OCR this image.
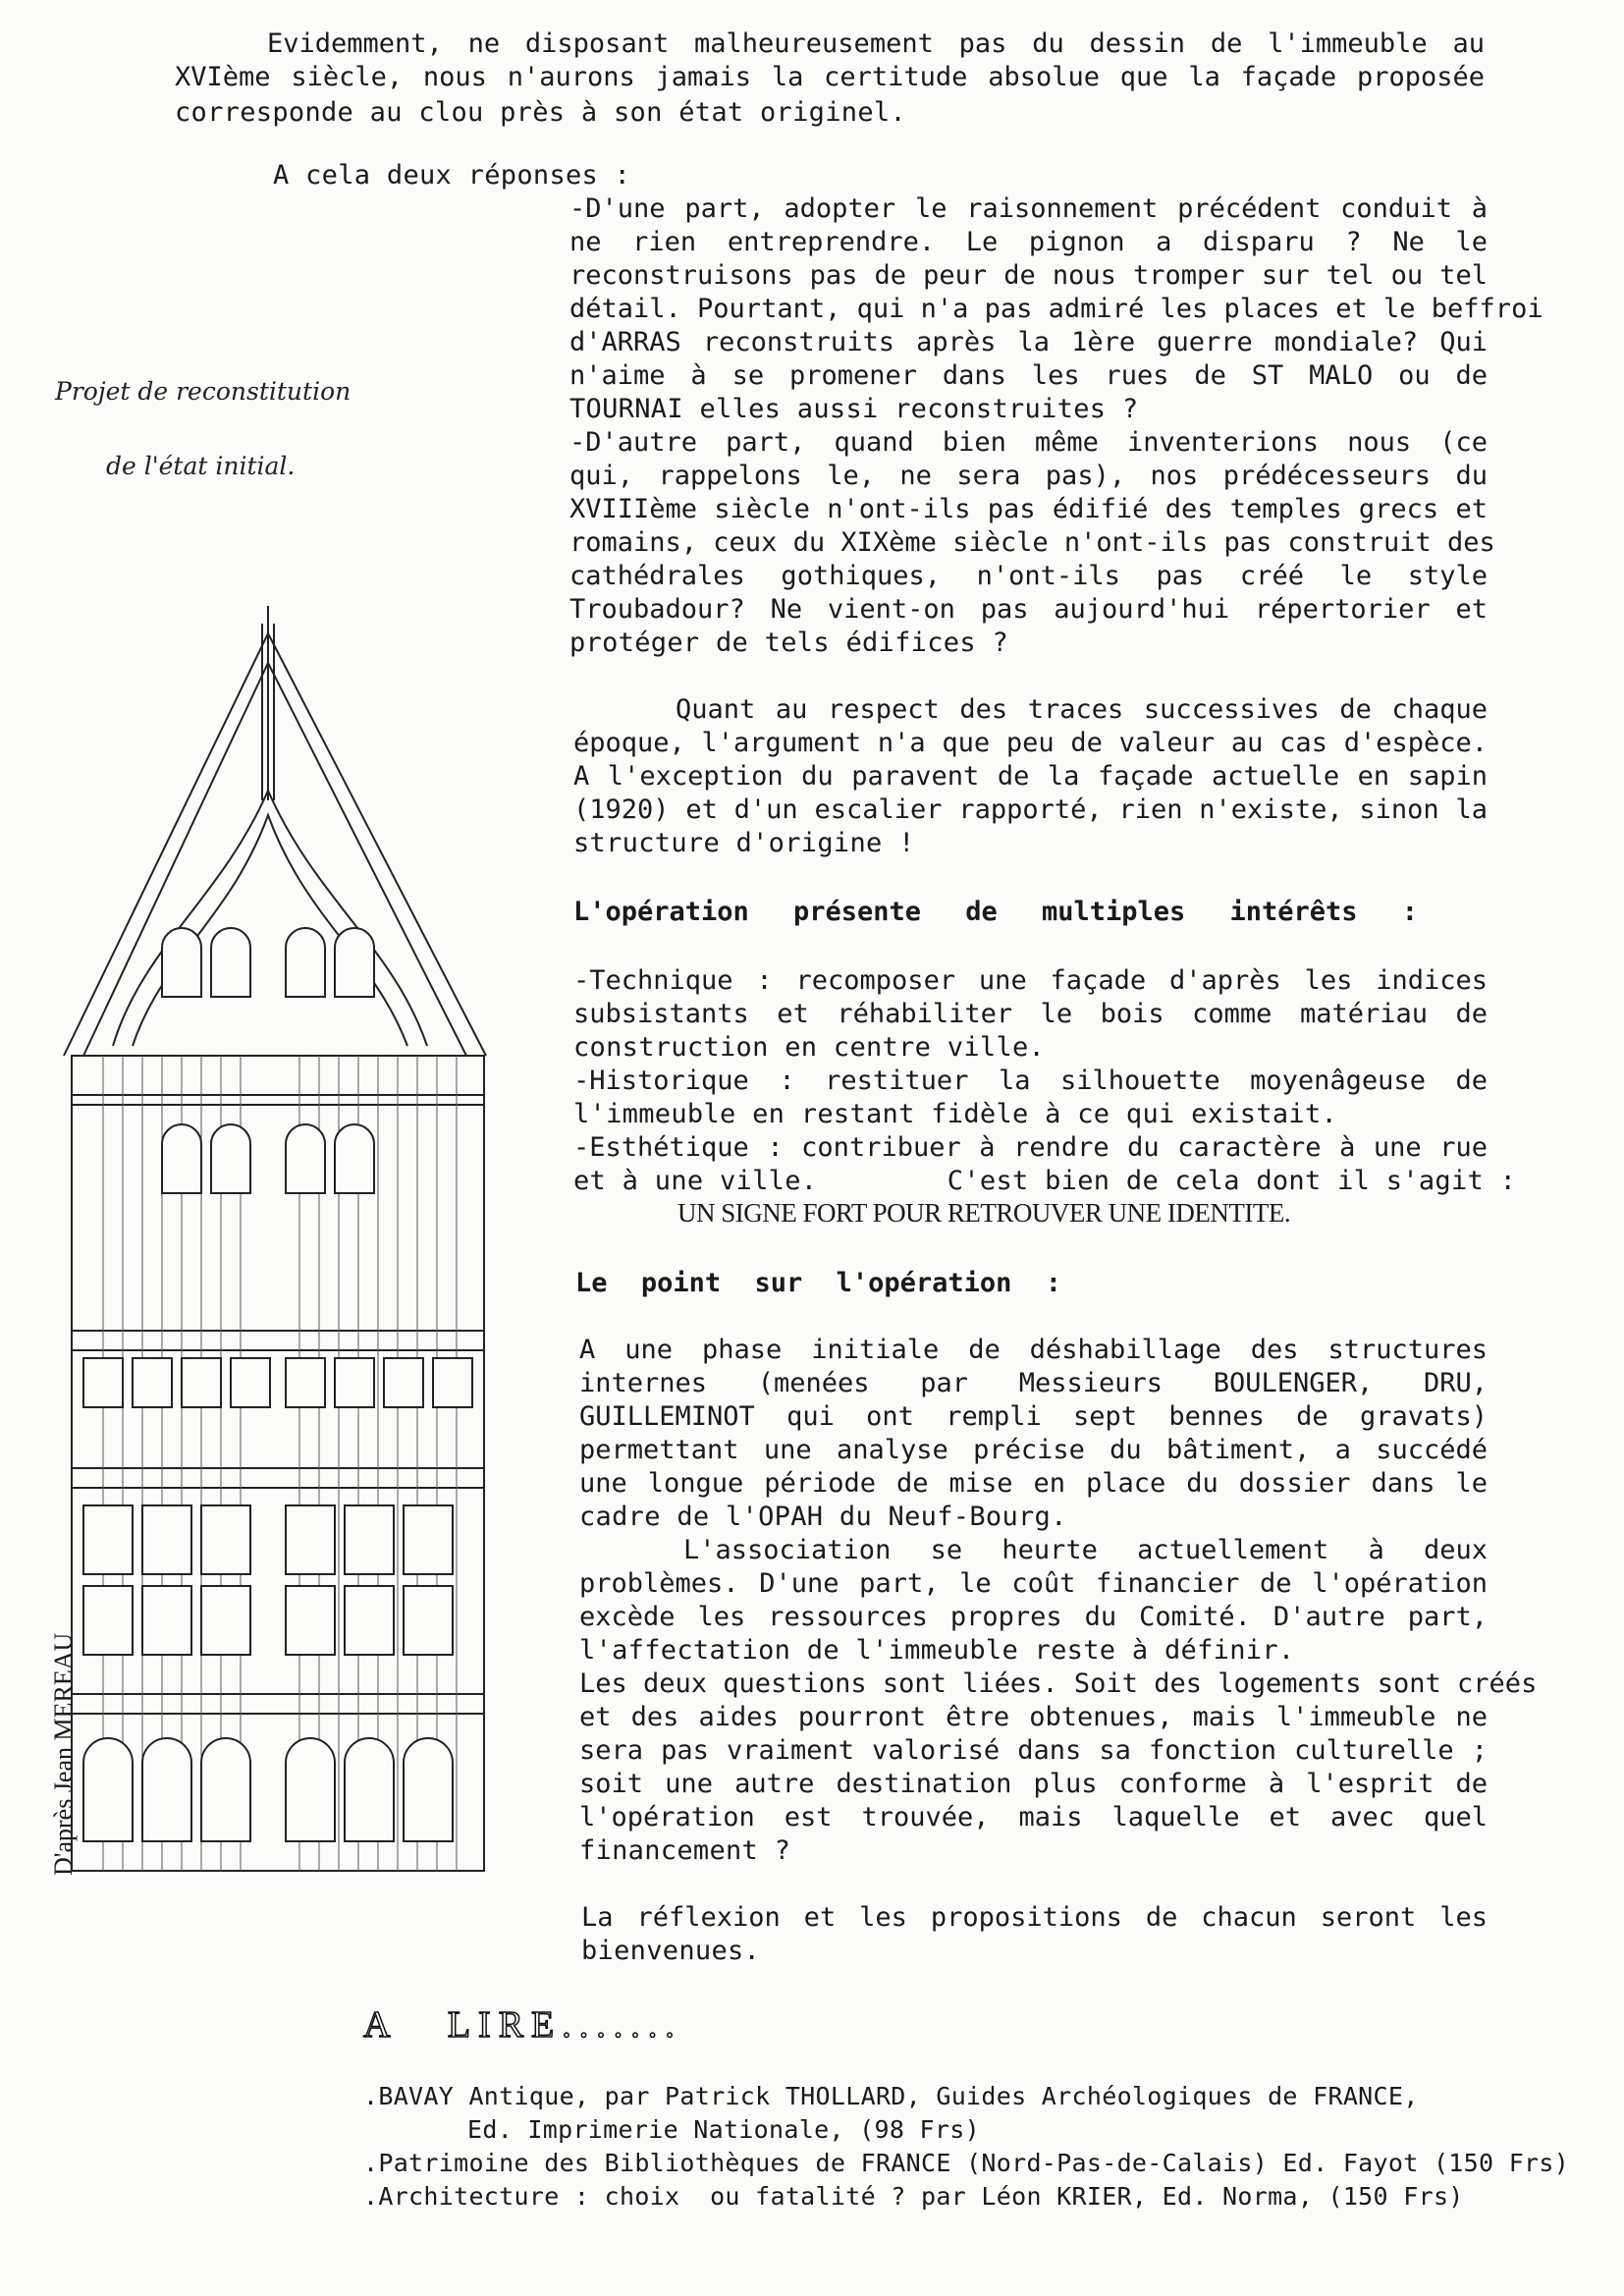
Evidemment, ne disposant malheureusement pas du dessin de l'immeuble au
XVIème siècle, nous n'aurons jamais la certitude absolue que la façade proposée
corresponde au clou près à son état originel.
A cela deux réponses :
-D'une part, adopter le raisonnement précédent conduit à
ne rien entreprendre. Le pignon a disparu ? Ne le
reconstruisons pas de peur de nous tromper sur tel ou tel
détail. Pourtant, qui n'a pas admiré les places et le beffroi
d'ARRAS reconstruits après la 1ère guerre mondiale? Qui
n'aime à se promener dans les rues de ST MALO ou de
TOURNAI elles aussi reconstruites ?
-D'autre part, quand bien même inventerions nous (ce
qui, rappelons le, ne sera pas), nos prédécesseurs du
XVIIIème siècle n'ont-ils pas édifié des temples grecs et
romains, ceux du XIXème siècle n'ont-ils pas construit des
cathédrales gothiques, n'ont-ils pas créé le style
Troubadour? Ne vient-on pas aujourd'hui répertorier et
protéger de tels édifices ?
Quant au respect des traces successives de chaque
époque, l'argument n'a que peu de valeur au cas d'espèce.
A l'exception du paravent de la façade actuelle en sapin
(1920) et d'un escalier rapporté, rien n'existe, sinon la
structure d'origine !
L'opération présente de multiples intérêts :
-Technique : recomposer une façade d'après les indices
subsistants et réhabiliter le bois comme matériau de
construction en centre ville.
-Historique : restituer la silhouette moyenâgeuse de
l'immeuble en restant fidèle à ce qui existait.
-Esthétique : contribuer à rendre du caractère à une rue
et à une ville.        C'est bien de cela dont il s'agit :
UN SIGNE FORT POUR RETROUVER UNE IDENTITE.
Le point sur l'opération :
A une phase initiale de déshabillage des structures
internes (menées par Messieurs BOULENGER, DRU,
GUILLEMINOT qui ont rempli sept bennes de gravats)
permettant une analyse précise du bâtiment, a succédé
une longue période de mise en place du dossier dans le
cadre de l'OPAH du Neuf-Bourg.
L'association se heurte actuellement à deux
problèmes. D'une part, le coût financier de l'opération
excède les ressources propres du Comité. D'autre part,
l'affectation de l'immeuble reste à définir.
Les deux questions sont liées. Soit des logements sont créés
et des aides pourront être obtenues, mais l'immeuble ne
sera pas vraiment valorisé dans sa fonction culturelle ;
soit une autre destination plus conforme à l'esprit de
l'opération est trouvée, mais laquelle et avec quel
financement ?
La réflexion et les propositions de chacun seront les
bienvenues.
Projet de reconstitution
de l'état initial.
D'après Jean MEREAU
A   LIRE.......
.BAVAY Antique, par Patrick THOLLARD, Guides Archéologiques de FRANCE,
Ed. Imprimerie Nationale, (98 Frs)
.Patrimoine des Bibliothèques de FRANCE (Nord-Pas-de-Calais) Ed. Fayot (150 Frs)
.Architecture : choix  ou fatalité ? par Léon KRIER, Ed. Norma, (150 Frs)
